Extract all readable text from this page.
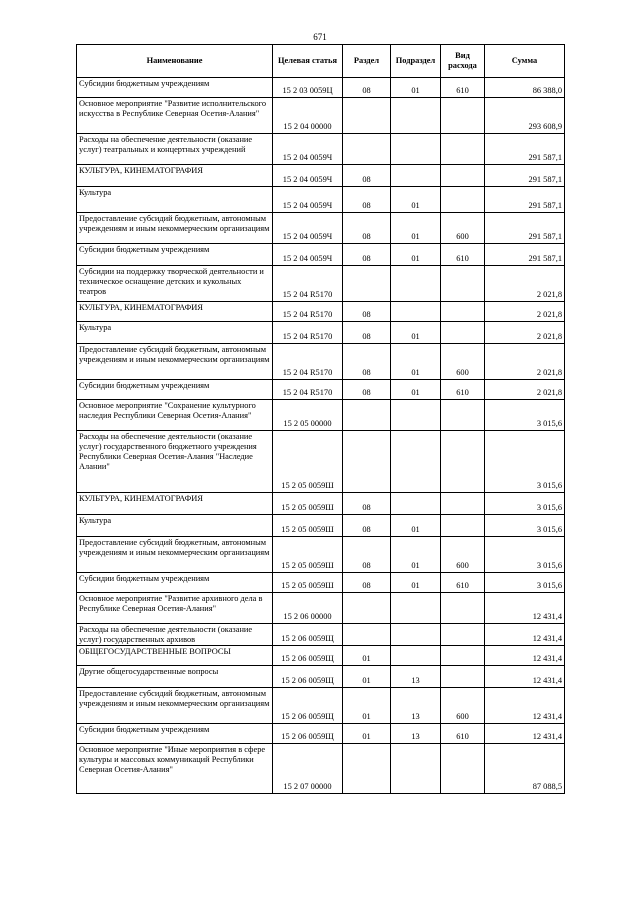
671
Наименование	Целевая статья	Раздел	Подраздел	Вид расхода	Сумма
Субсидии бюджетным учреждениям	15 2 03 0059Ц	08	01	610	86 388,0
Основное мероприятие "Развитие исполнительского искусства в Республике Северная Осетия-Алания"	15 2 04 00000				293 608,9
Расходы на обеспечение деятельности (оказание услуг) театральных и концертных учреждений	15 2 04 0059Ч				291 587,1
КУЛЬТУРА, КИНЕМАТОГРАФИЯ	15 2 04 0059Ч	08			291 587,1
Культура	15 2 04 0059Ч	08	01		291 587,1
Предоставление субсидий бюджетным, автономным учреждениям и иным некоммерческим организациям	15 2 04 0059Ч	08	01	600	291 587,1
Субсидии бюджетным учреждениям	15 2 04 0059Ч	08	01	610	291 587,1
Субсидии на поддержку творческой деятельности и техническое оснащение детских и кукольных театров	15 2 04 R5170				2 021,8
КУЛЬТУРА, КИНЕМАТОГРАФИЯ	15 2 04 R5170	08			2 021,8
Культура	15 2 04 R5170	08	01		2 021,8
Предоставление субсидий бюджетным, автономным учреждениям и иным некоммерческим организациям	15 2 04 R5170	08	01	600	2 021,8
Субсидии бюджетным учреждениям	15 2 04 R5170	08	01	610	2 021,8
Основное мероприятие "Сохранение культурного наследия Республики Северная Осетия-Алания"	15 2 05 00000				3 015,6
Расходы на обеспечение деятельности (оказание услуг) государственного бюджетного учреждения Республики Северная Осетия-Алания "Наследие Алании"	15 2 05 0059Ш				3 015,6
КУЛЬТУРА, КИНЕМАТОГРАФИЯ	15 2 05 0059Ш	08			3 015,6
Культура	15 2 05 0059Ш	08	01		3 015,6
Предоставление субсидий бюджетным, автономным учреждениям и иным некоммерческим организациям	15 2 05 0059Ш	08	01	600	3 015,6
Субсидии бюджетным учреждениям	15 2 05 0059Ш	08	01	610	3 015,6
Основное мероприятие "Развитие архивного дела в Республике Северная Осетия-Алания"	15 2 06 00000				12 431,4
Расходы на обеспечение деятельности (оказание услуг) государственных архивов	15 2 06 0059Щ				12 431,4
ОБЩЕГОСУДАРСТВЕННЫЕ ВОПРОСЫ	15 2 06 0059Щ	01			12 431,4
Другие общегосударственные вопросы	15 2 06 0059Щ	01	13		12 431,4
Предоставление субсидий бюджетным, автономным учреждениям и иным некоммерческим организациям	15 2 06 0059Щ	01	13	600	12 431,4
Субсидии бюджетным учреждениям	15 2 06 0059Щ	01	13	610	12 431,4
Основное мероприятие "Иные мероприятия в сфере культуры и массовых коммуникаций Республики Северная Осетия-Алания"	15 2 07 00000				87 088,5
